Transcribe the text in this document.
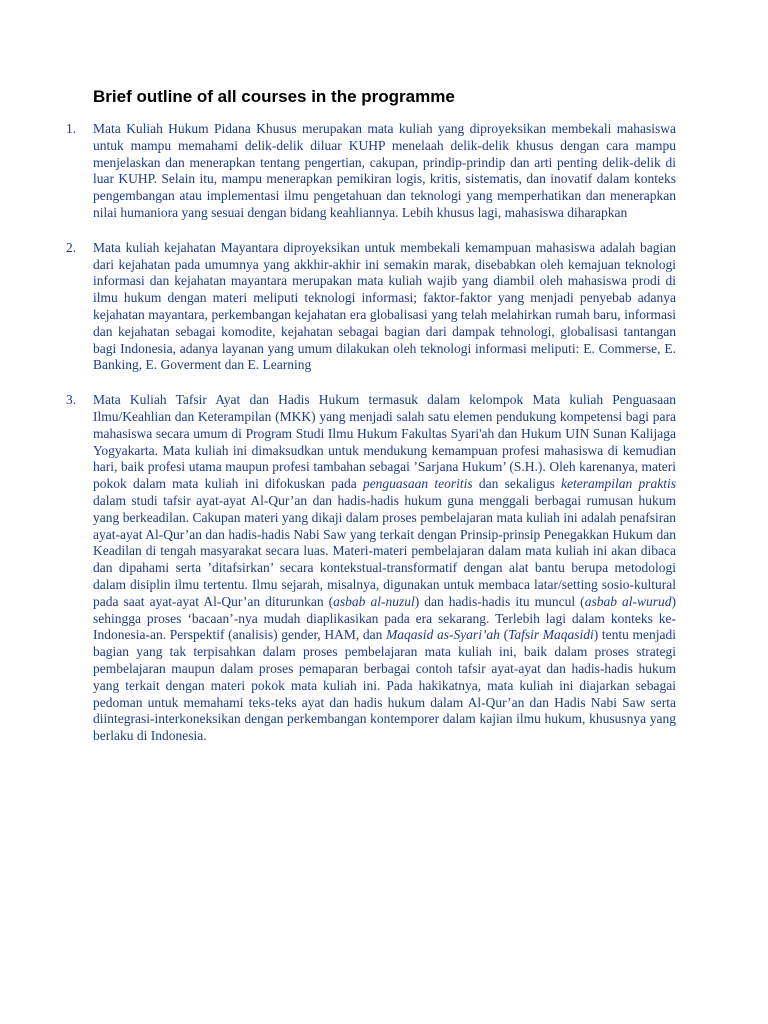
Brief outline of all courses in the programme
1. Mata Kuliah Hukum Pidana Khusus merupakan mata kuliah yang diproyeksikan membekali mahasiswa untuk mampu memahami delik-delik diluar KUHP menelaah delik-delik khusus dengan cara mampu menjelaskan dan menerapkan tentang pengertian, cakupan, prindip-prindip dan arti penting delik-delik di luar KUHP. Selain itu, mampu menerapkan pemikiran logis, kritis, sistematis, dan inovatif dalam konteks pengembangan atau implementasi ilmu pengetahuan dan teknologi yang memperhatikan dan menerapkan nilai humaniora yang sesuai dengan bidang keahliannya. Lebih khusus lagi, mahasiswa diharapkan
2. Mata kuliah kejahatan Mayantara diproyeksikan untuk membekali kemampuan mahasiswa adalah bagian dari kejahatan pada umumnya yang akkhir-akhir ini semakin marak, disebabkan oleh kemajuan teknologi informasi dan kejahatan mayantara merupakan mata kuliah wajib yang diambil oleh mahasiswa prodi di ilmu hukum dengan materi meliputi teknologi informasi; faktor-faktor yang menjadi penyebab adanya kejahatan mayantara, perkembangan kejahatan era globalisasi yang telah melahirkan rumah baru, informasi dan kejahatan sebagai komodite, kejahatan sebagai bagian dari dampak tehnologi, globalisasi tantangan bagi Indonesia, adanya layanan yang umum dilakukan oleh teknologi informasi meliputi: E. Commerse, E. Banking, E. Goverment dan E. Learning
3. Mata Kuliah Tafsir Ayat dan Hadis Hukum termasuk dalam kelompok Mata kuliah Penguasaan Ilmu/Keahlian dan Keterampilan (MKK) yang menjadi salah satu elemen pendukung kompetensi bagi para mahasiswa secara umum di Program Studi Ilmu Hukum Fakultas Syari'ah dan Hukum UIN Sunan Kalijaga Yogyakarta. Mata kuliah ini dimaksudkan untuk mendukung kemampuan profesi mahasiswa di kemudian hari, baik profesi utama maupun profesi tambahan sebagai ’Sarjana Hukum’ (S.H.). Oleh karenanya, materi pokok dalam mata kuliah ini difokuskan pada penguasaan teoritis dan sekaligus keterampilan praktis dalam studi tafsir ayat-ayat Al-Qur’an dan hadis-hadis hukum guna menggali berbagai rumusan hukum yang berkeadilan. Cakupan materi yang dikaji dalam proses pembelajaran mata kuliah ini adalah penafsiran ayat-ayat Al-Qur’an dan hadis-hadis Nabi Saw yang terkait dengan Prinsip-prinsip Penegakkan Hukum dan Keadilan di tengah masyarakat secara luas. Materi-materi pembelajaran dalam mata kuliah ini akan dibaca dan dipahami serta ’ditafsirkan’ secara kontekstual-transformatif dengan alat bantu berupa metodologi dalam disiplin ilmu tertentu. Ilmu sejarah, misalnya, digunakan untuk membaca latar/setting sosio-kultural pada saat ayat-ayat Al-Qur’an diturunkan (asbab al-nuzul) dan hadis-hadis itu muncul (asbab al-wurud) sehingga proses ‘bacaan’-nya mudah diaplikasikan pada era sekarang. Terlebih lagi dalam konteks ke-Indonesia-an. Perspektif (analisis) gender, HAM, dan Maqasid as-Syari’ah (Tafsir Maqasidi) tentu menjadi bagian yang tak terpisahkan dalam proses pembelajaran mata kuliah ini, baik dalam proses strategi pembelajaran maupun dalam proses pemaparan berbagai contoh tafsir ayat-ayat dan hadis-hadis hukum yang terkait dengan materi pokok mata kuliah ini. Pada hakikatnya, mata kuliah ini diajarkan sebagai pedoman untuk memahami teks-teks ayat dan hadis hukum dalam Al-Qur’an dan Hadis Nabi Saw serta diintegrasi-interkoneksikan dengan perkembangan kontemporer dalam kajian ilmu hukum, khususnya yang berlaku di Indonesia.
